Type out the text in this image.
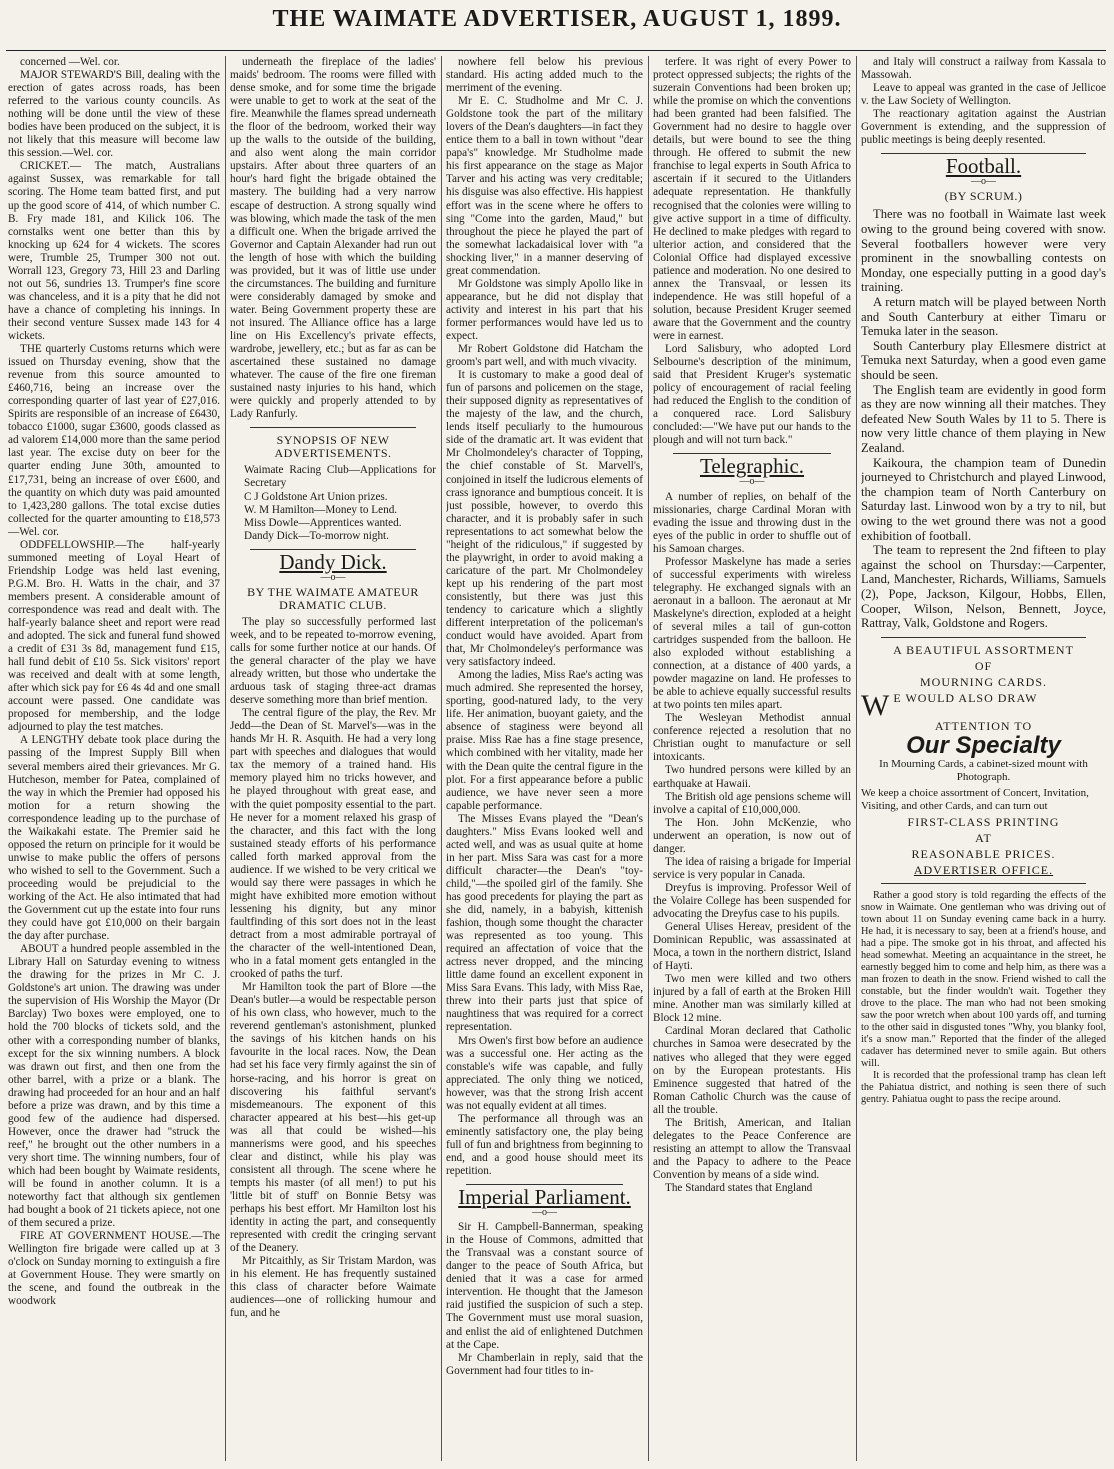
THE WAIMATE ADVERTISER, AUGUST 1, 1899.

concerned —Wel. cor.

MAJOR STEWARD'S Bill, dealing with the erection of gates across roads, has been referred to the various county councils. As nothing will be done until the view of these bodies have been produced on the subject, it is not likely that this measure will become law this session.—Wel. cor.

CRICKET.— The match, Australians against Sussex, was remarkable for tall scoring. The Home team batted first, and put up the good score of 414, of which number C. B. Fry made 181, and Kilick 106. The cornstalks went one better than this by knocking up 624 for 4 wickets. The scores were, Trumble 25, Trumper 300 not out. Worrall 123, Gregory 73, Hill 23 and Darling not out 56, sundries 13. Trumper's fine score was chanceless, and it is a pity that he did not have a chance of completing his innings. In their second venture Sussex made 143 for 4 wickets.

THE quarterly Customs returns which were issued on Thursday evening, show that the revenue from this source amounted to £460,716, being an increase over the corresponding quarter of last year of £27,016. Spirits are responsible of an increase of £6430, tobacco £1000, sugar £3600, goods classed as ad valorem £14,000 more than the same period last year. The excise duty on beer for the quarter ending June 30th, amounted to £17,731, being an increase of over £600, and the quantity on which duty was paid amounted to 1,423,280 gallons. The total excise duties collected for the quarter amounting to £18,573 —Wel. cor.

ODDFELLOWSHIP.—The half-yearly summoned meeting of Loyal Heart of Friendship Lodge was held last evening, P.G.M. Bro. H. Watts in the chair, and 37 members present. A considerable amount of correspondence was read and dealt with. The half-yearly balance sheet and report were read and adopted. The sick and funeral fund showed a credit of £31 3s 8d, management fund £15, hall fund debit of £10 5s. Sick visitors' report was received and dealt with at some length, after which sick pay for £6 4s 4d and one small account were passed. One candidate was proposed for membership, and the lodge adjourned to play the test matches.

A LENGTHY debate took place during the passing of the Imprest Supply Bill when several members aired their grievances. Mr G. Hutcheson, member for Patea, complained of the way in which the Premier had opposed his motion for a return showing the correspondence leading up to the purchase of the Waikakahi estate. The Premier said he opposed the return on principle for it would be unwise to make public the offers of persons who wished to sell to the Government. Such a proceeding would be prejudicial to the working of the Act. He also intimated that had the Government cut up the estate into four runs they could have got £10,000 on their bargain the day after purchase.

ABOUT a hundred people assembled in the Library Hall on Saturday evening to witness the drawing for the prizes in Mr C. J. Goldstone's art union. The drawing was under the supervision of His Worship the Mayor (Dr Barclay) Two boxes were employed, one to hold the 700 blocks of tickets sold, and the other with a corresponding number of blanks, except for the six winning numbers. A block was drawn out first, and then one from the other barrel, with a prize or a blank. The drawing had proceeded for an hour and an half before a prize was drawn, and by this time a good few of the audience had dispersed. However, once the drawer had "struck the reef," he brought out the other numbers in a very short time. The winning numbers, four of which had been bought by Waimate residents, will be found in another column. It is a noteworthy fact that although six gentlemen had bought a book of 21 tickets apiece, not one of them secured a prize.

FIRE AT GOVERNMENT HOUSE.—The Wellington fire brigade were called up at 3 o'clock on Sunday morning to extinguish a fire at Government House. They were smartly on the scene, and found the outbreak in the woodwork

underneath the fireplace of the ladies' maids' bedroom. The rooms were filled with dense smoke, and for some time the brigade were unable to get to work at the seat of the fire. Meanwhile the flames spread underneath the floor of the bedroom, worked their way up the walls to the outside of the building, and also went along the main corridor upstairs. After about three quarters of an hour's hard fight the brigade obtained the mastery. The building had a very narrow escape of destruction. A strong squally wind was blowing, which made the task of the men a difficult one. When the brigade arrived the Governor and Captain Alexander had run out the length of hose with which the building was provided, but it was of little use under the circumstances. The building and furniture were considerably damaged by smoke and water. Being Government property these are not insured. The Alliance office has a large line on His Excellency's private effects, wardrobe, jewellery, etc.; but as far as can be ascertained these sustained no damage whatever. The cause of the fire one fireman sustained nasty injuries to his hand, which were quickly and properly attended to by Lady Ranfurly.

SYNOPSIS OF NEW ADVERTISEMENTS.

Waimate Racing Club—Applications for Secretary

C J Goldstone Art Union prizes.

W. M Hamilton—Money to Lend.

Miss Dowle—Apprentices wanted.

Dandy Dick—To-morrow night.

Dandy Dick.
—o—
BY THE WAIMATE AMATEUR DRAMATIC CLUB.

The play so successfully performed last week, and to be repeated to-morrow evening, calls for some further notice at our hands. Of the general character of the play we have already written, but those who undertake the arduous task of staging three-act dramas deserve something more than brief mention.

The central figure of the play, the Rev. Mr Jedd—the Dean of St. Marvel's—was in the hands Mr H. R. Asquith. He had a very long part with speeches and dialogues that would tax the memory of a trained hand. His memory played him no tricks however, and he played throughout with great ease, and with the quiet pomposity essential to the part. He never for a moment relaxed his grasp of the character, and this fact with the long sustained steady efforts of his performance called forth marked approval from the audience. If we wished to be very critical we would say there were passages in which he might have exhibited more emotion without lessening his dignity, but any minor faultfinding of this sort does not in the least detract from a most admirable portrayal of the character of the well-intentioned Dean, who in a fatal moment gets entangled in the crooked of paths the turf.

Mr Hamilton took the part of Blore —the Dean's butler—a would be respectable person of his own class, who however, much to the reverend gentleman's astonishment, plunked the savings of his kitchen hands on his favourite in the local races. Now, the Dean had set his face very firmly against the sin of horse-racing, and his horror is great on discovering his faithful servant's misdemeanours. The exponent of this character appeared at his best—his get-up was all that could be wished—his mannerisms were good, and his speeches clear and distinct, while his play was consistent all through. The scene where he tempts his master (of all men!) to put his 'little bit of stuff' on Bonnie Betsy was perhaps his best effort. Mr Hamilton lost his identity in acting the part, and consequently represented with credit the cringing servant of the Deanery.

Mr Pitcaithly, as Sir Tristam Mardon, was in his element. He has frequently sustained this class of character before Waimate audiences—one of rollicking humour and fun, and he

nowhere fell below his previous standard. His acting added much to the merriment of the evening.

Mr E. C. Studholme and Mr C. J. Goldstone took the part of the military lovers of the Dean's daughters—in fact they entice them to a ball in town without "dear papa's" knowledge. Mr Studholme made his first appearance on the stage as Major Tarver and his acting was very creditable; his disguise was also effective. His happiest effort was in the scene where he offers to sing "Come into the garden, Maud," but throughout the piece he played the part of the somewhat lackadaisical lover with "a shocking liver," in a manner deserving of great commendation.

Mr Goldstone was simply Apollo like in appearance, but he did not display that activity and interest in his part that his former performances would have led us to expect.

Mr Robert Goldstone did Hatcham the groom's part well, and with much vivacity.

It is customary to make a good deal of fun of parsons and policemen on the stage, their supposed dignity as representatives of the majesty of the law, and the church, lends itself peculiarly to the humourous side of the dramatic art. It was evident that Mr Cholmondeley's character of Topping, the chief constable of St. Marvell's, conjoined in itself the ludicrous elements of crass ignorance and bumptious conceit. It is just possible, however, to overdo this character, and it is probably safer in such representations to act somewhat below the "height of the ridiculous," if suggested by the playwright, in order to avoid making a caricature of the part. Mr Cholmondeley kept up his rendering of the part most consistently, but there was just this tendency to caricature which a slightly different interpretation of the policeman's conduct would have avoided. Apart from that, Mr Cholmondeley's performance was very satisfactory indeed.

Among the ladies, Miss Rae's acting was much admired. She represented the horsey, sporting, good-natured lady, to the very life. Her animation, buoyant gaiety, and the absence of staginess were beyond all praise. Miss Rae has a fine stage presence, which combined with her vitality, made her with the Dean quite the central figure in the plot. For a first appearance before a public audience, we have never seen a more capable performance.

The Misses Evans played the "Dean's daughters." Miss Evans looked well and acted well, and was as usual quite at home in her part. Miss Sara was cast for a more difficult character—the Dean's "toy-child,"—the spoiled girl of the family. She has good precedents for playing the part as she did, namely, in a babyish, kittenish fashion, though some thought the character was represented as too young. This required an affectation of voice that the actress never dropped, and the mincing little dame found an excellent exponent in Miss Sara Evans. This lady, with Miss Rae, threw into their parts just that spice of naughtiness that was required for a correct representation.

Mrs Owen's first bow before an audience was a successful one. Her acting as the constable's wife was capable, and fully appreciated. The only thing we noticed, however, was that the strong Irish accent was not equally evident at all times.

The performance all through was an eminently satisfactory one, the play being full of fun and brightness from beginning to end, and a good house should meet its repetition.

Imperial Parliament.
—o—

Sir H. Campbell-Bannerman, speaking in the House of Commons, admitted that the Transvaal was a constant source of danger to the peace of South Africa, but denied that it was a case for armed intervention. He thought that the Jameson raid justified the suspicion of such a step. The Government must use moral suasion, and enlist the aid of enlightened Dutchmen at the Cape.

Mr Chamberlain in reply, said that the Government had four titles to in-

terfere. It was right of every Power to protect oppressed subjects; the rights of the suzerain Conventions had been broken up; while the promise on which the conventions had been granted had been falsified. The Government had no desire to haggle over details, but were bound to see the thing through. He offered to submit the new franchise to legal experts in South Africa to ascertain if it secured to the Uitlanders adequate representation. He thankfully recognised that the colonies were willing to give active support in a time of difficulty. He declined to make pledges with regard to ulterior action, and considered that the Colonial Office had displayed excessive patience and moderation. No one desired to annex the Transvaal, or lessen its independence. He was still hopeful of a solution, because President Kruger seemed aware that the Government and the country were in earnest.

Lord Salisbury, who adopted Lord Selbourne's description of the minimum, said that President Kruger's systematic policy of encouragement of racial feeling had reduced the English to the condition of a conquered race. Lord Salisbury concluded:—"We have put our hands to the plough and will not turn back."

Telegraphic.
—o—

A number of replies, on behalf of the missionaries, charge Cardinal Moran with evading the issue and throwing dust in the eyes of the public in order to shuffle out of his Samoan charges.

Professor Maskelyne has made a series of successful experiments with wireless telegraphy. He exchanged signals with an aeronaut in a balloon. The aeronaut at Mr Maskelyne's direction, exploded at a height of several miles a tail of gun-cotton cartridges suspended from the balloon. He also exploded without establishing a connection, at a distance of 400 yards, a powder magazine on land. He professes to be able to achieve equally successful results at two points ten miles apart.

The Wesleyan Methodist annual conference rejected a resolution that no Christian ought to manufacture or sell intoxicants.

Two hundred persons were killed by an earthquake at Hawaii.

The British old age pensions scheme will involve a capital of £10,000,000.

The Hon. John McKenzie, who underwent an operation, is now out of danger.

The idea of raising a brigade for Imperial service is very popular in Canada.

Dreyfus is improving. Professor Weil of the Volaire College has been suspended for advocating the Dreyfus case to his pupils.

General Ulises Hereav, president of the Dominican Republic, was assassinated at Moca, a town in the northern district, Island of Hayti.

Two men were killed and two others injured by a fall of earth at the Broken Hill mine. Another man was similarly killed at Block 12 mine.

Cardinal Moran declared that Catholic churches in Samoa were desecrated by the natives who alleged that they were egged on by the European protestants. His Eminence suggested that hatred of the Roman Catholic Church was the cause of all the trouble.

The British, American, and Italian delegates to the Peace Conference are resisting an attempt to allow the Transvaal and the Papacy to adhere to the Peace Convention by means of a side wind.

The Standard states that England

and Italy will construct a railway from Kassala to Massowah.

Leave to appeal was granted in the case of Jellicoe v. the Law Society of Wellington.

The reactionary agitation against the Austrian Government is extending, and the suppression of public meetings is being deeply resented.

Football.
—o—
(BY SCRUM.)

There was no football in Waimate last week owing to the ground being covered with snow. Several footballers however were very prominent in the snowballing contests on Monday, one especially putting in a good day's training.

A return match will be played between North and South Canterbury at either Timaru or Temuka later in the season.

South Canterbury play Ellesmere district at Temuka next Saturday, when a good even game should be seen.

The English team are evidently in good form as they are now winning all their matches. They defeated New South Wales by 11 to 5. There is now very little chance of them playing in New Zealand.

Kaikoura, the champion team of Dunedin journeyed to Christchurch and played Linwood, the champion team of North Canterbury on Saturday last. Linwood won by a try to nil, but owing to the wet ground there was not a good exhibition of football.

The team to represent the 2nd fifteen to play against the school on Thursday:—Carpenter, Land, Manchester, Richards, Williams, Samuels (2), Pope, Jackson, Kilgour, Hobbs, Ellen, Cooper, Wilson, Nelson, Bennett, Joyce, Rattray, Valk, Goldstone and Rogers.

A BEAUTIFUL ASSORTMENT
OF
MOURNING CARDS.
W E WOULD ALSO DRAW
ATTENTION TO
Our Specialty
In Mourning Cards, a cabinet-sized mount with Photograph.
We keep a choice assortment of Concert, Invitation, Visiting, and other Cards, and can turn out
FIRST-CLASS PRINTING
AT
REASONABLE PRICES.
ADVERTISER OFFICE.

Rather a good story is told regarding the effects of the snow in Waimate. One gentleman who was driving out of town about 11 on Sunday evening came back in a hurry. He had, it is necessary to say, been at a friend's house, and had a pipe. The smoke got in his throat, and affected his head somewhat. Meeting an acquaintance in the street, he earnestly begged him to come and help him, as there was a man frozen to death in the snow. Friend wished to call the constable, but the finder wouldn't wait. Together they drove to the place. The man who had not been smoking saw the poor wretch when about 100 yards off, and turning to the other said in disgusted tones "Why, you blanky fool, it's a snow man." Reported that the finder of the alleged cadaver has determined never to smile again. But others will.

It is recorded that the professional tramp has clean left the Pahiatua district, and nothing is seen there of such gentry. Pahiatua ought to pass the recipe around.
